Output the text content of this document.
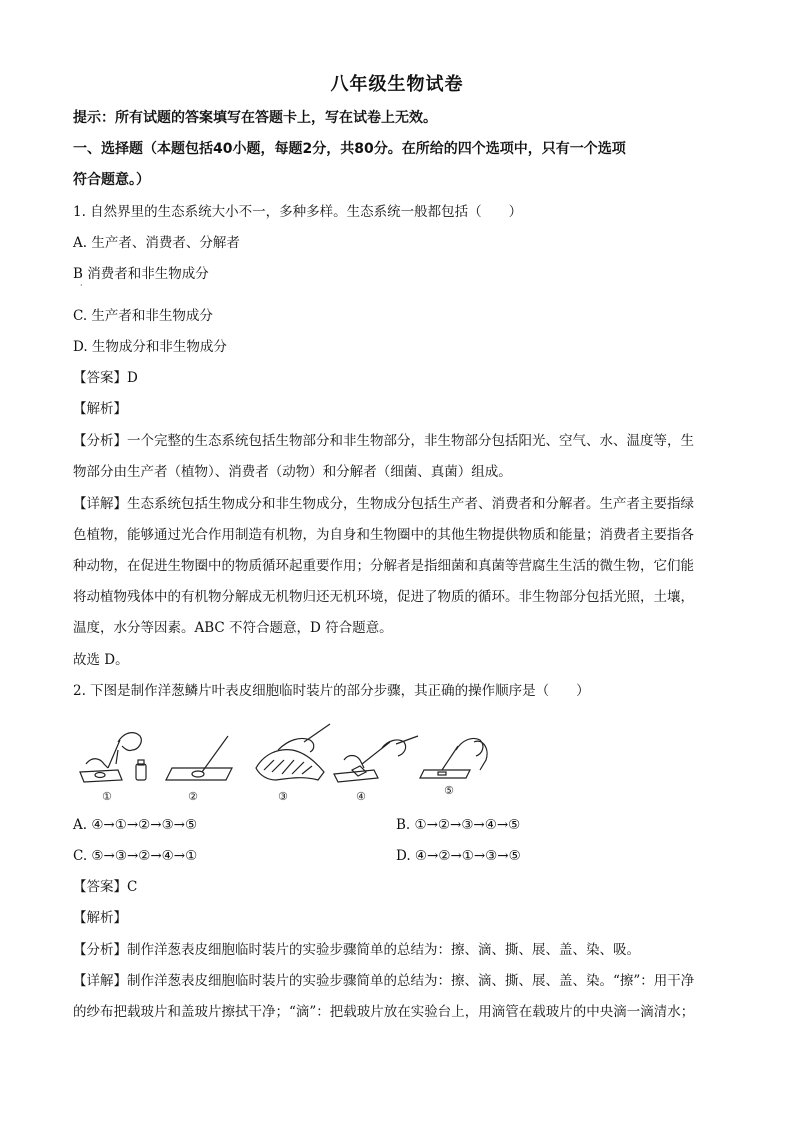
八年级生物试卷
提示：所有试题的答案填写在答题卡上，写在试卷上无效。
一、选择题（本题包括40小题，每题2分，共80分。在所给的四个选项中，只有一个选项
符合题意。）
1. 自然界里的生态系统大小不一，多种多样。生态系统一般都包括（　　）
A. 生产者、消费者、分解者
B 消费者和非生物成分
·
C. 生产者和非生物成分
D. 生物成分和非生物成分
【答案】D
【解析】
【分析】一个完整的生态系统包括生物部分和非生物部分，非生物部分包括阳光、空气、水、温度等，生
物部分由生产者（植物）、消费者（动物）和分解者（细菌、真菌）组成。
【详解】生态系统包括生物成分和非生物成分，生物成分包括生产者、消费者和分解者。生产者主要指绿
色植物，能够通过光合作用制造有机物，为自身和生物圈中的其他生物提供物质和能量；消费者主要指各
种动物，在促进生物圈中的物质循环起重要作用；分解者是指细菌和真菌等营腐生生活的微生物，它们能
将动植物残体中的有机物分解成无机物归还无机环境，促进了物质的循环。非生物部分包括光照，土壤，
温度，水分等因素。ABC 不符合题意，D 符合题意。
故选 D。
2. 下图是制作洋葱鳞片叶表皮细胞临时装片的部分步骤，其正确的操作顺序是（　　）
①	②	③	④	⑤
A. ④→①→②→③→⑤	B. ①→②→③→④→⑤
C. ⑤→③→②→④→①	D. ④→②→①→③→⑤
【答案】C
【解析】
【分析】制作洋葱表皮细胞临时装片的实验步骤简单的总结为：擦、滴、撕、展、盖、染、吸。
【详解】制作洋葱表皮细胞临时装片的实验步骤简单的总结为：擦、滴、撕、展、盖、染。“擦”：用干净
的纱布把载玻片和盖玻片擦拭干净；“滴”：把载玻片放在实验台上，用滴管在载玻片的中央滴一滴清水；
